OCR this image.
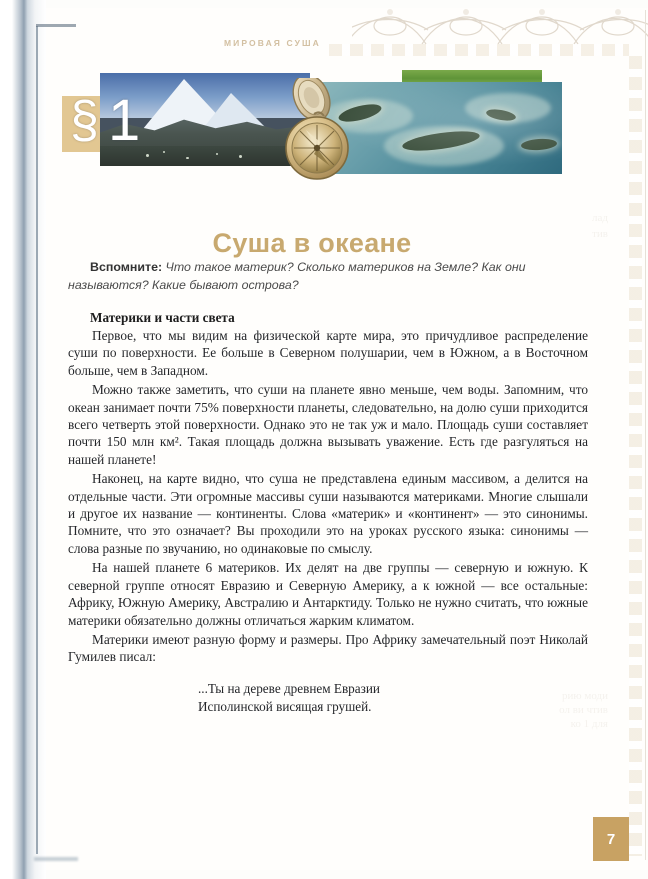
МИРОВАЯ СУША
§ 1

Суша в океане
Вспомните: Что такое материк? Сколько материков на Земле? Как они называются? Какие бывают острова?
Материки и части света

Первое, что мы видим на физической карте мира, это причудливое распределение суши по поверхности. Ее больше в Северном полушарии, чем в Южном, а в Восточном больше, чем в Западном.

Можно также заметить, что суши на планете явно меньше, чем воды. Запомним, что океан занимает почти 75% поверхности планеты, следовательно, на долю суши приходится всего четверть этой поверхности. Однако это не так уж и мало. Площадь суши составляет почти 150 млн км². Такая площадь должна вызывать уважение. Есть где разгуляться на нашей планете!

Наконец, на карте видно, что суша не представлена единым массивом, а делится на отдельные части. Эти огромные массивы суши называются материками. Многие слышали и другое их название — континенты. Слова «материк» и «континент» — это синонимы. Помните, что это означает? Вы проходили это на уроках русского языка: синонимы — слова разные по звучанию, но одинаковые по смыслу.

На нашей планете 6 материков. Их делят на две группы — северную и южную. К северной группе относят Евразию и Северную Америку, а к южной — все остальные: Африку, Южную Америку, Австралию и Антарктиду. Только не нужно считать, что южные материки обязательно должны отличаться жарким климатом.

Материки имеют разную форму и размеры. Про Африку замечательный поэт Николай Гумилев писал:

...Ты на дереве древнем Евразии
Исполинской висящая грушей.
7
